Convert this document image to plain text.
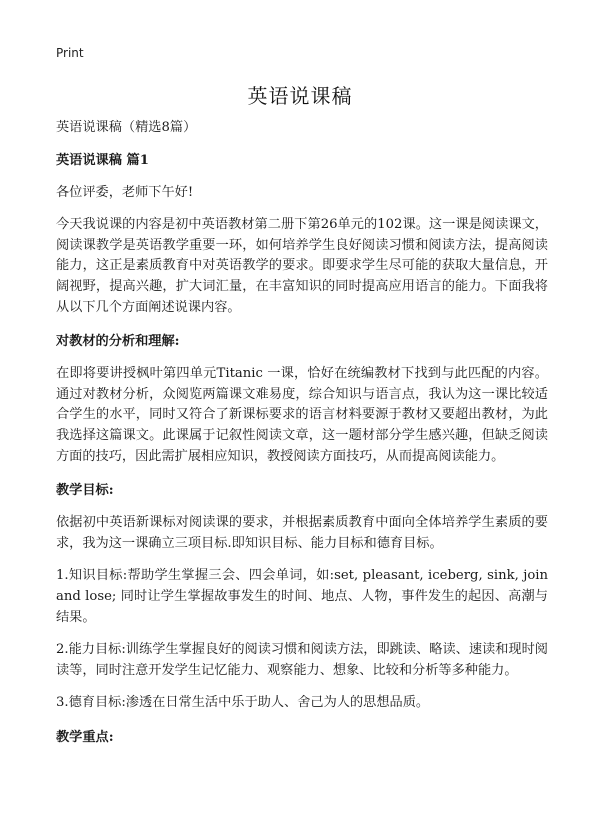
Print
英语说课稿

英语说课稿（精选8篇）

英语说课稿 篇1

各位评委，老师下午好!

今天我说课的内容是初中英语教材第二册下第26单元的102课。这一课是阅读课文，阅读课教学是英语教学重要一环，如何培养学生良好阅读习惯和阅读方法，提高阅读能力，这正是素质教育中对英语教学的要求。即要求学生尽可能的获取大量信息，开阔视野，提高兴趣，扩大词汇量，在丰富知识的同时提高应用语言的能力。下面我将从以下几个方面阐述说课内容。

对教材的分析和理解:

在即将要讲授枫叶第四单元Titanic 一课，恰好在统编教材下找到与此匹配的内容。通过对教材分析，众阅览两篇课文难易度，综合知识与语言点，我认为这一课比较适合学生的水平，同时又符合了新课标要求的语言材料要源于教材又要超出教材，为此我选择这篇课文。此课属于记叙性阅读文章，这一题材部分学生感兴趣，但缺乏阅读方面的技巧，因此需扩展相应知识，教授阅读方面技巧，从而提高阅读能力。

教学目标:

依据初中英语新课标对阅读课的要求，并根据素质教育中面向全体培养学生素质的要求，我为这一课确立三项目标.即知识目标、能力目标和德育目标。

1.知识目标:帮助学生掌握三会、四会单词，如:set, pleasant, iceberg, sink, join and lose; 同时让学生掌握故事发生的时间、地点、人物，事件发生的起因、高潮与结果。

2.能力目标:训练学生掌握良好的阅读习惯和阅读方法，即跳读、略读、速读和现时阅读等，同时注意开发学生记忆能力、观察能力、想象、比较和分析等多种能力。

3.德育目标:渗透在日常生活中乐于助人、舍己为人的思想品质。

教学重点:
